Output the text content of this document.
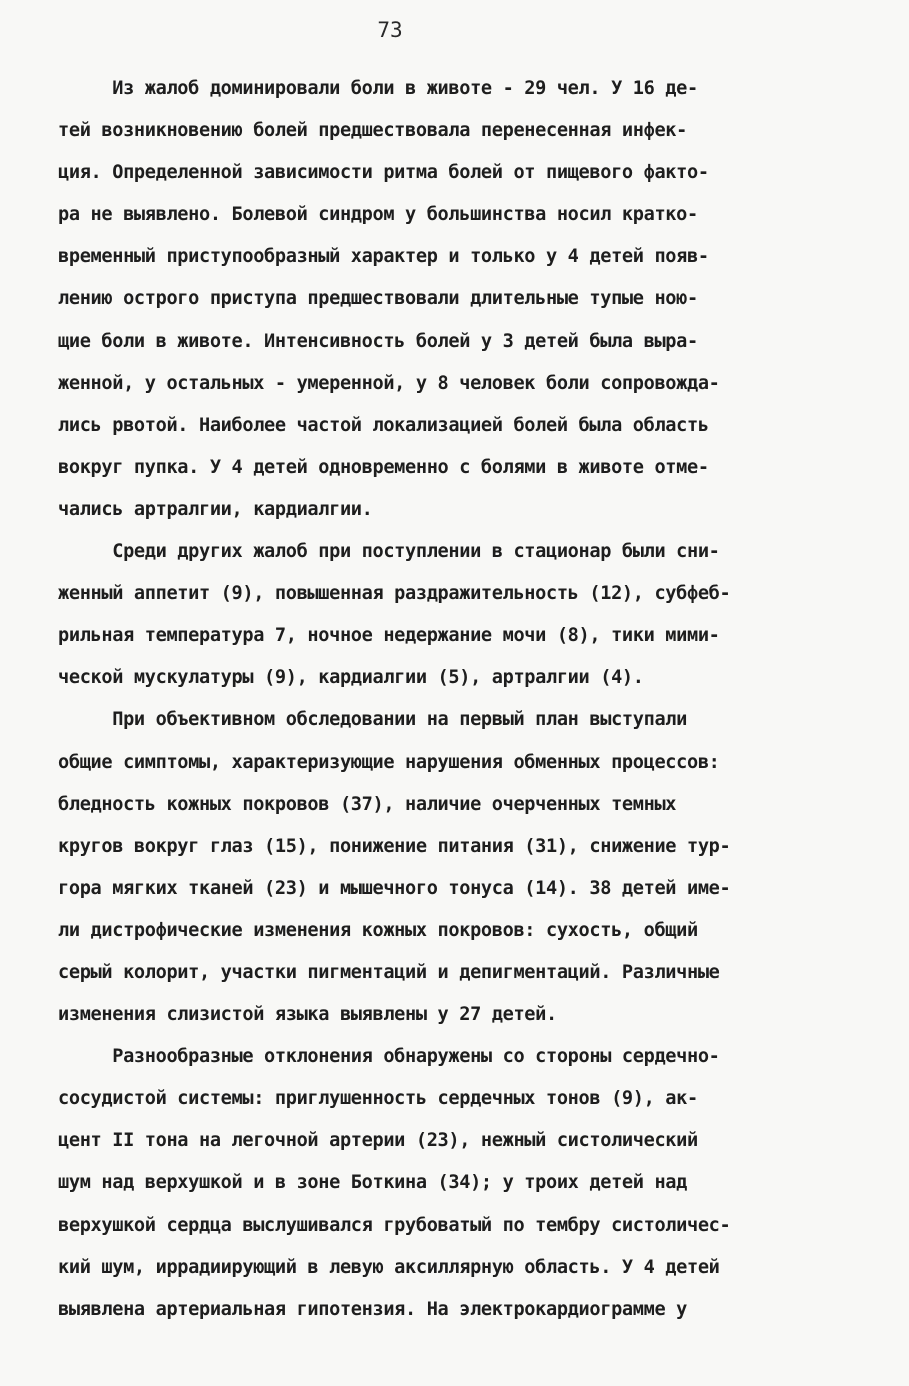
73
Из жалоб доминировали боли в животе - 29 чел. У 16 де-
тей возникновению болей предшествовала перенесенная инфек-
ция. Определенной зависимости ритма болей от пищевого факто-
ра не выявлено. Болевой синдром у большинства носил кратко-
временный приступообразный характер и только у 4 детей появ-
лению острого приступа предшествовали длительные тупые ною-
щие боли в животе. Интенсивность болей у 3 детей была выра-
женной, у остальных - умеренной, у 8 человек боли сопровожда-
лись рвотой. Наиболее частой локализацией болей была область
вокруг пупка. У 4 детей одновременно с болями в животе отме-
чались артралгии, кардиалгии.
Среди других жалоб при поступлении в стационар были сни-
женный аппетит (9), повышенная раздражительность (12), субфеб-
рильная температура 7, ночное недержание мочи (8), тики мими-
ческой мускулатуры (9), кардиалгии (5), артралгии (4).
При объективном обследовании на первый план выступали
общие симптомы, характеризующие нарушения обменных процессов:
бледность кожных покровов (37), наличие очерченных темных
кругов вокруг глаз (15), понижение питания (31), снижение тур-
гора мягких тканей (23) и мышечного тонуса (14). 38 детей име-
ли дистрофические изменения кожных покровов: сухость, общий
серый колорит, участки пигментаций и депигментаций. Различные
изменения слизистой языка выявлены у 27 детей.
Разнообразные отклонения обнаружены со стороны сердечно-
сосудистой системы: приглушенность сердечных тонов (9), ак-
цент II тона на легочной артерии (23), нежный систолический
шум над верхушкой и в зоне Боткина (34); у троих детей над
верхушкой сердца выслушивался грубоватый по тембру систоличес-
кий шум, иррадиирующий в левую аксиллярную область. У 4 детей
выявлена артериальная гипотензия. На электрокардиограмме у
